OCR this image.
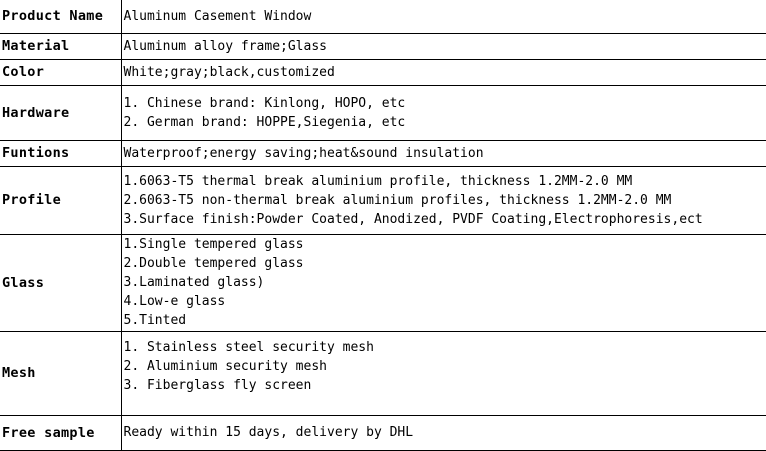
Product Name	Aluminum Casement Window

Material	Aluminum alloy frame;Glass

Color	White;gray;black,customized

Hardware	1. Chinese brand: Kinlong, HOPO, etc
2. German brand: HOPPE,Siegenia, etc

Funtions	Waterproof;energy saving;heat&sound insulation

Profile	1.6063-T5 thermal break aluminium profile, thickness 1.2MM-2.0 MM
2.6063-T5 non-thermal break aluminium profiles, thickness 1.2MM-2.0 MM
3.Surface finish:Powder Coated, Anodized, PVDF Coating,Electrophoresis,ect

Glass	1.Single tempered glass
2.Double tempered glass
3.Laminated glass)
4.Low-e glass
5.Tinted

Mesh	1. Stainless steel security mesh
2. Aluminium security mesh
3. Fiberglass fly screen

Free sample	Ready within 15 days, delivery by DHL
